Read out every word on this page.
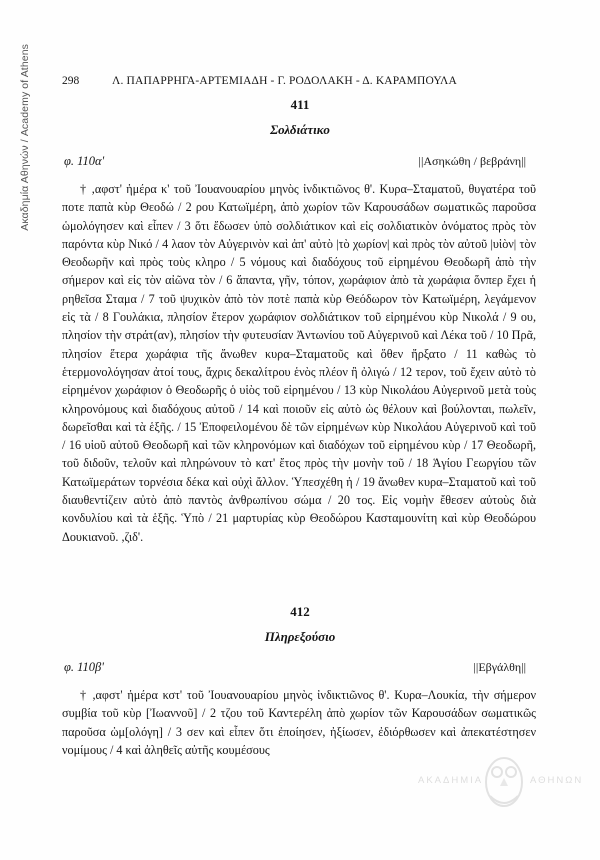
Ακαδημία Αθηνών / Academy of Athens	298	Λ. ΠΑΠΑΡΡΗΓΑ-ΑΡΤΕΜΙΑΔΗ - Γ. ΡΟΔΟΛΑΚΗ - Δ. ΚΑΡΑΜΠΟΥΛΑ
411
Σολδιάτικο
φ. 110α'	||Ασηκώθη / βεβράνη||
† ,αφστ' ἡμέρα κ' τοῦ Ἰουανουαρίου μηνὸς ἰνδικτιῶνος θ'. Κυρα–Σταματοῦ, θυγατέρα τοῦ ποτε παπὰ κὺρ Θεοδώ / 2 ρου Κατωϊμέρη, ἀπὸ χωρίον τῶν Καρουσάδων σωματικῶς παροῦσα ὡμολόγησεν καὶ εἶπεν / 3 ὅτι ἔδωσεν ὑπὸ σολδιάτικον καὶ εἰς σολδιατικὸν ὀνόματος πρὸς τὸν παρόντα κὺρ Νικό / 4 λαον τὸν Αὐγερινὸν καὶ ἀπ' αὐτὸ |τὸ χωρίον| καὶ πρὸς τὸν αὐτοῦ |υἱὸν| τὸν Θεοδωρῆν καὶ πρὸς τοὺς κληρο / 5 νόμους καὶ διαδόχους τοῦ εἰρημένου Θεοδωρῆ ἀπὸ τὴν σήμερον καὶ εἰς τὸν αἰῶνα τὸν / 6 ἅπαντα, γῆν, τόπον, χωράφιον ἀπὸ τὰ χωράφια ὅνπερ ἔχει ἡ ρηθεῖσα Σταμα / 7 τοῦ ψυχικὸν ἀπὸ τὸν ποτὲ παπὰ κὺρ Θεόδωρον τὸν Κατωϊμέρη, λεγάμενον εἰς τὰ / 8 Γουλάκια, πλησίον ἕτερον χωράφιον σολδιάτικον τοῦ εἰρημένου κὺρ Νικολά / 9 ου, πλησίον τὴν στράτ(αν), πλησίον τὴν φυτευσίαν Ἀντωνίου τοῦ Αὐγερινοῦ καὶ Λέκα τοῦ / 10 Πρᾶ, πλησίον ἕτερα χωράφια τῆς ἄνωθεν κυρα–Σταματοῦς καὶ ὅθεν ἤρξατο / 11 καθὼς τὸ ἑτερμονολόγησαν ἀτοί τους, ἄχρις δεκαλίτρου ἑνὸς πλέον ἢ ὀλιγώ / 12 τερον, τοῦ ἔχειν αὐτὸ τὸ εἰρημένον χωράφιον ὁ Θεοδωρῆς ὁ υἱὸς τοῦ εἰρημένου / 13 κὺρ Νικολάου Αὐγερινοῦ μετὰ τοὺς κληρονόμους καὶ διαδόχους αὐτοῦ / 14 καὶ ποιοῦν εἰς αὐτὸ ὡς θέλουν καὶ βούλονται, πωλεῖν, δωρεῖσθαι καὶ τὰ ἑξῆς. / 15 Ἐποφειλομένου δὲ τῶν εἰρημένων κὺρ Νικολάου Αὐγερινοῦ καὶ τοῦ / 16 υἱοῦ αὐτοῦ Θεοδωρῆ καὶ τῶν κληρονόμων καὶ διαδόχων τοῦ εἰρημένου κὺρ / 17 Θεοδωρῆ, τοῦ διδοῦν, τελοῦν καὶ πληρώνουν τὸ κατ' ἔτος πρὸς τὴν μονὴν τοῦ / 18 Ἁγίου Γεωργίου τῶν Κατωϊμεράτων τορνέσια δέκα καὶ οὐχὶ ἄλλον. Ὑπεσχέθη ἡ / 19 ἄνωθεν κυρα–Σταματοῦ καὶ τοῦ διαυθεντίζειν αὐτὸ ἀπὸ παντὸς ἀνθρωπίνου σώμα / 20 τος. Εἰς νομὴν ἔθεσεν αὐτοὺς διὰ κονδυλίου καὶ τὰ ἑξῆς. Ὑπὸ / 21 μαρτυρίας κὺρ Θεοδώρου Κασταμουνίτη καὶ κὺρ Θεοδώρου Δουκιανοῦ. ,ζιδ'.
412
Πληρεξούσιο
φ. 110β'	||Εβγάλθη||
† ,αφστ' ἡμέρα κστ' τοῦ Ἰουανουαρίου μηνὸς ἰνδικτιῶνος θ'. Κυρα–Λουκία, τὴν σήμερον συμβία τοῦ κὺρ [Ἰωαννοῦ] / 2 τζου τοῦ Καντερέλη ἀπὸ χωρίον τῶν Καρουσάδων σωματικῶς παροῦσα ὡμ[ολόγη] / 3 σεν καὶ εἶπεν ὅτι ἐποίησεν, ἠξίωσεν, ἐδιόρθωσεν καὶ ἀπεκατέστησεν νομίμους / 4 καὶ ἀληθεῖς αὐτῆς κουμέσους
ΑΚΑΔΗΜΙΑ	ΑΘΗΝΩΝ
